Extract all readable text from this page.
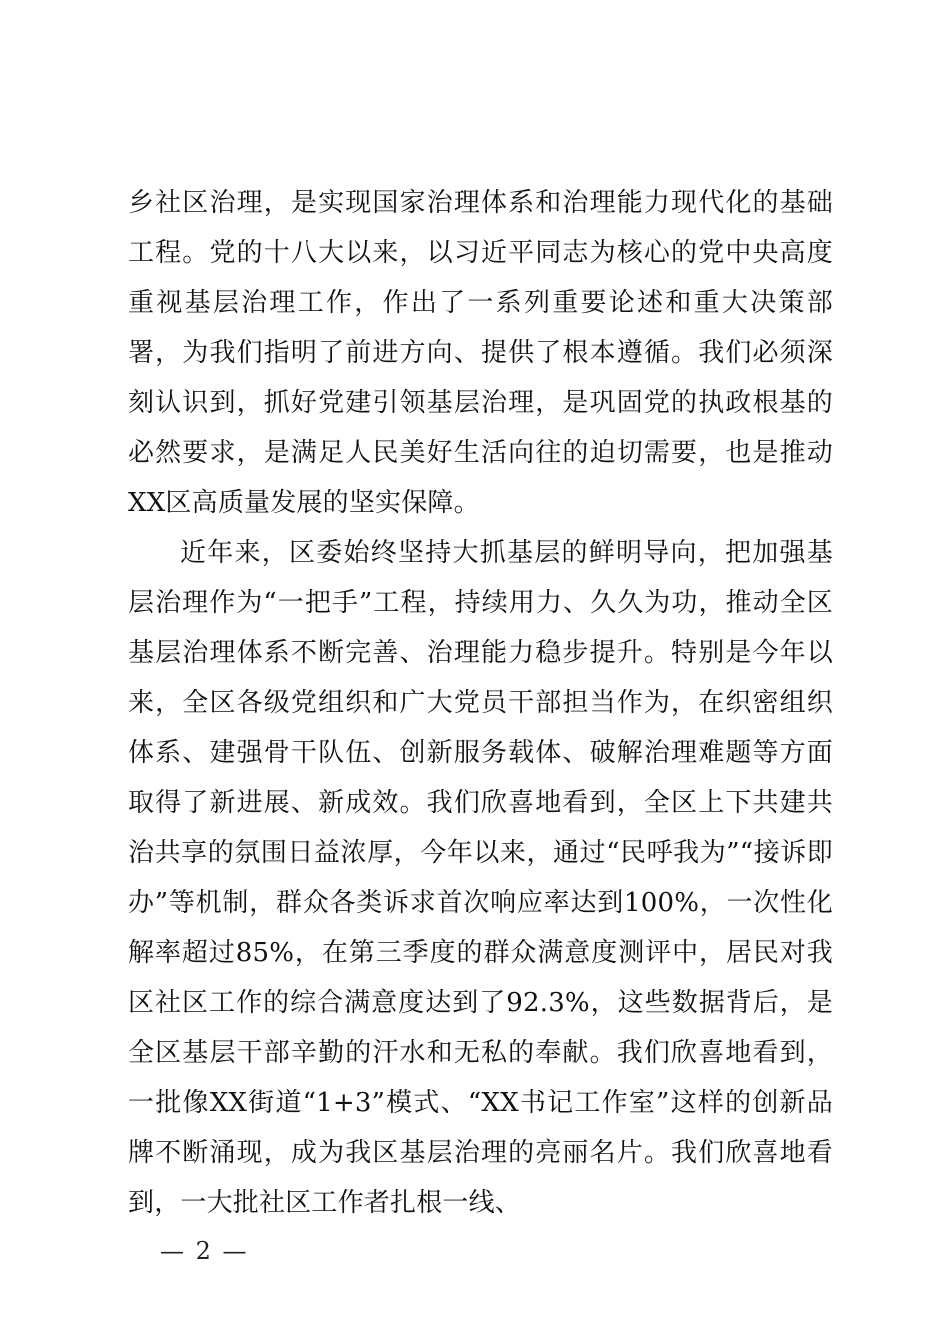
乡社区治理，是实现国家治理体系和治理能力现代化的基础工程。党的十八大以来，以习近平同志为核心的党中央高度重视基层治理工作，作出了一系列重要论述和重大决策部署，为我们指明了前进方向、提供了根本遵循。我们必须深刻认识到，抓好党建引领基层治理，是巩固党的执政根基的必然要求，是满足人民美好生活向往的迫切需要，也是推动XX区高质量发展的坚实保障。

近年来，区委始终坚持大抓基层的鲜明导向，把加强基层治理作为“一把手”工程，持续用力、久久为功，推动全区基层治理体系不断完善、治理能力稳步提升。特别是今年以来，全区各级党组织和广大党员干部担当作为，在织密组织体系、建强骨干队伍、创新服务载体、破解治理难题等方面取得了新进展、新成效。我们欣喜地看到，全区上下共建共治共享的氛围日益浓厚，今年以来，通过“民呼我为”“接诉即办”等机制，群众各类诉求首次响应率达到100%，一次性化解率超过85%，在第三季度的群众满意度测评中，居民对我区社区工作的综合满意度达到了92.3%，这些数据背后，是全区基层干部辛勤的汗水和无私的奉献。我们欣喜地看到，一批像XX街道“1+3”模式、“XX书记工作室”这样的创新品牌不断涌现，成为我区基层治理的亮丽名片。我们欣喜地看到，一大批社区工作者扎根一线、

— 2 —
